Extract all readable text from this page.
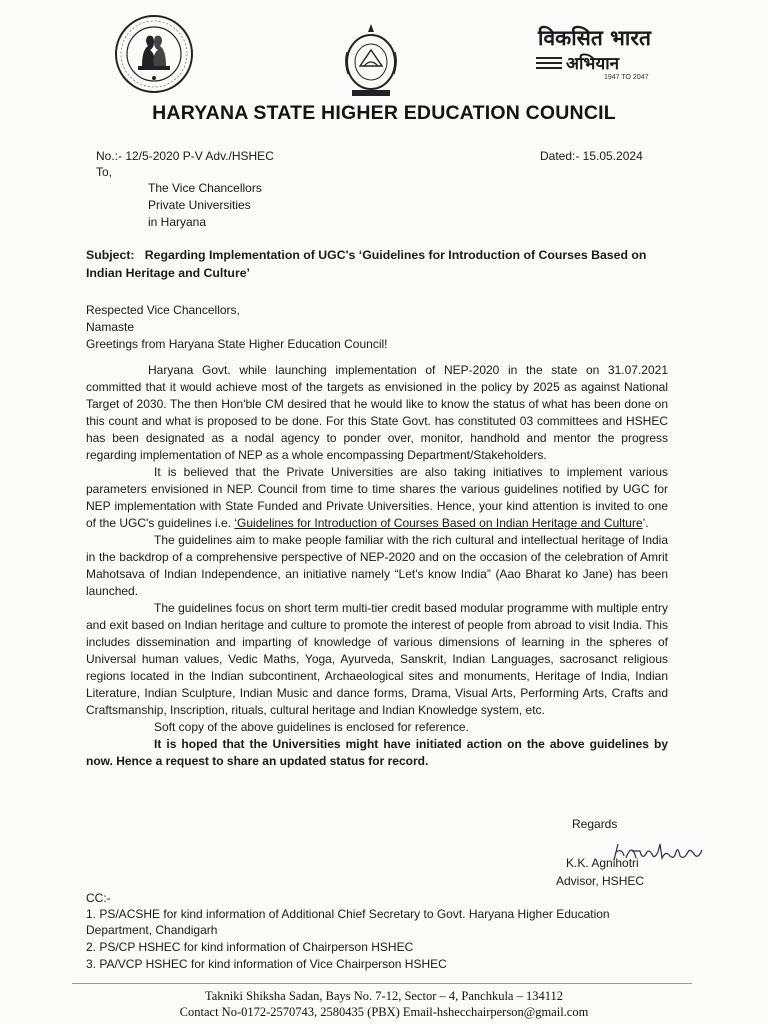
विकसित भारत
अभियान
1947 TO 2047
HARYANA STATE HIGHER EDUCATION COUNCIL
No.:- 12/5-2020 P-V Adv./HSHEC	Dated:- 15.05.2024
To,
The Vice Chancellors
Private Universities
in Haryana
Subject: Regarding Implementation of UGC's ‘Guidelines for Introduction of Courses Based on Indian Heritage and Culture’
Respected Vice Chancellors,
Namaste
Greetings from Haryana State Higher Education Council!

Haryana Govt. while launching implementation of NEP-2020 in the state on 31.07.2021 committed that it would achieve most of the targets as envisioned in the policy by 2025 as against National Target of 2030. The then Hon'ble CM desired that he would like to know the status of what has been done on this count and what is proposed to be done. For this State Govt. has constituted 03 committees and HSHEC has been designated as a nodal agency to ponder over, monitor, handhold and mentor the progress regarding implementation of NEP as a whole encompassing Department/Stakeholders.

It is believed that the Private Universities are also taking initiatives to implement various parameters envisioned in NEP. Council from time to time shares the various guidelines notified by UGC for NEP implementation with State Funded and Private Universities. Hence, your kind attention is invited to one of the UGC's guidelines i.e. ‘Guidelines for Introduction of Courses Based on Indian Heritage and Culture’.

The guidelines aim to make people familiar with the rich cultural and intellectual heritage of India in the backdrop of a comprehensive perspective of NEP-2020 and on the occasion of the celebration of Amrit Mahotsava of Indian Independence, an initiative namely “Let's know India” (Aao Bharat ko Jane) has been launched.

The guidelines focus on short term multi-tier credit based modular programme with multiple entry and exit based on Indian heritage and culture to promote the interest of people from abroad to visit India. This includes dissemination and imparting of knowledge of various dimensions of learning in the spheres of Universal human values, Vedic Maths, Yoga, Ayurveda, Sanskrit, Indian Languages, sacrosanct religious regions located in the Indian subcontinent, Archaeological sites and monuments, Heritage of India, Indian Literature, Indian Sculpture, Indian Music and dance forms, Drama, Visual Arts, Performing Arts, Crafts and Craftsmanship, Inscription, rituals, cultural heritage and Indian Knowledge system, etc.

Soft copy of the above guidelines is enclosed for reference.

It is hoped that the Universities might have initiated action on the above guidelines by now. Hence a request to share an updated status for record.

Regards
K.K. Agnihotri
Advisor, HSHEC
CC:-
1. PS/ACSHE for kind information of Additional Chief Secretary to Govt. Haryana Higher Education
Department, Chandigarh
2. PS/CP HSHEC for kind information of Chairperson HSHEC
3. PA/VCP HSHEC for kind information of Vice Chairperson HSHEC
Takniki Shiksha Sadan, Bays No. 7-12, Sector – 4, Panchkula – 134112
Contact No-0172-2570743, 2580435 (PBX) Email-hshecchairperson@gmail.com
